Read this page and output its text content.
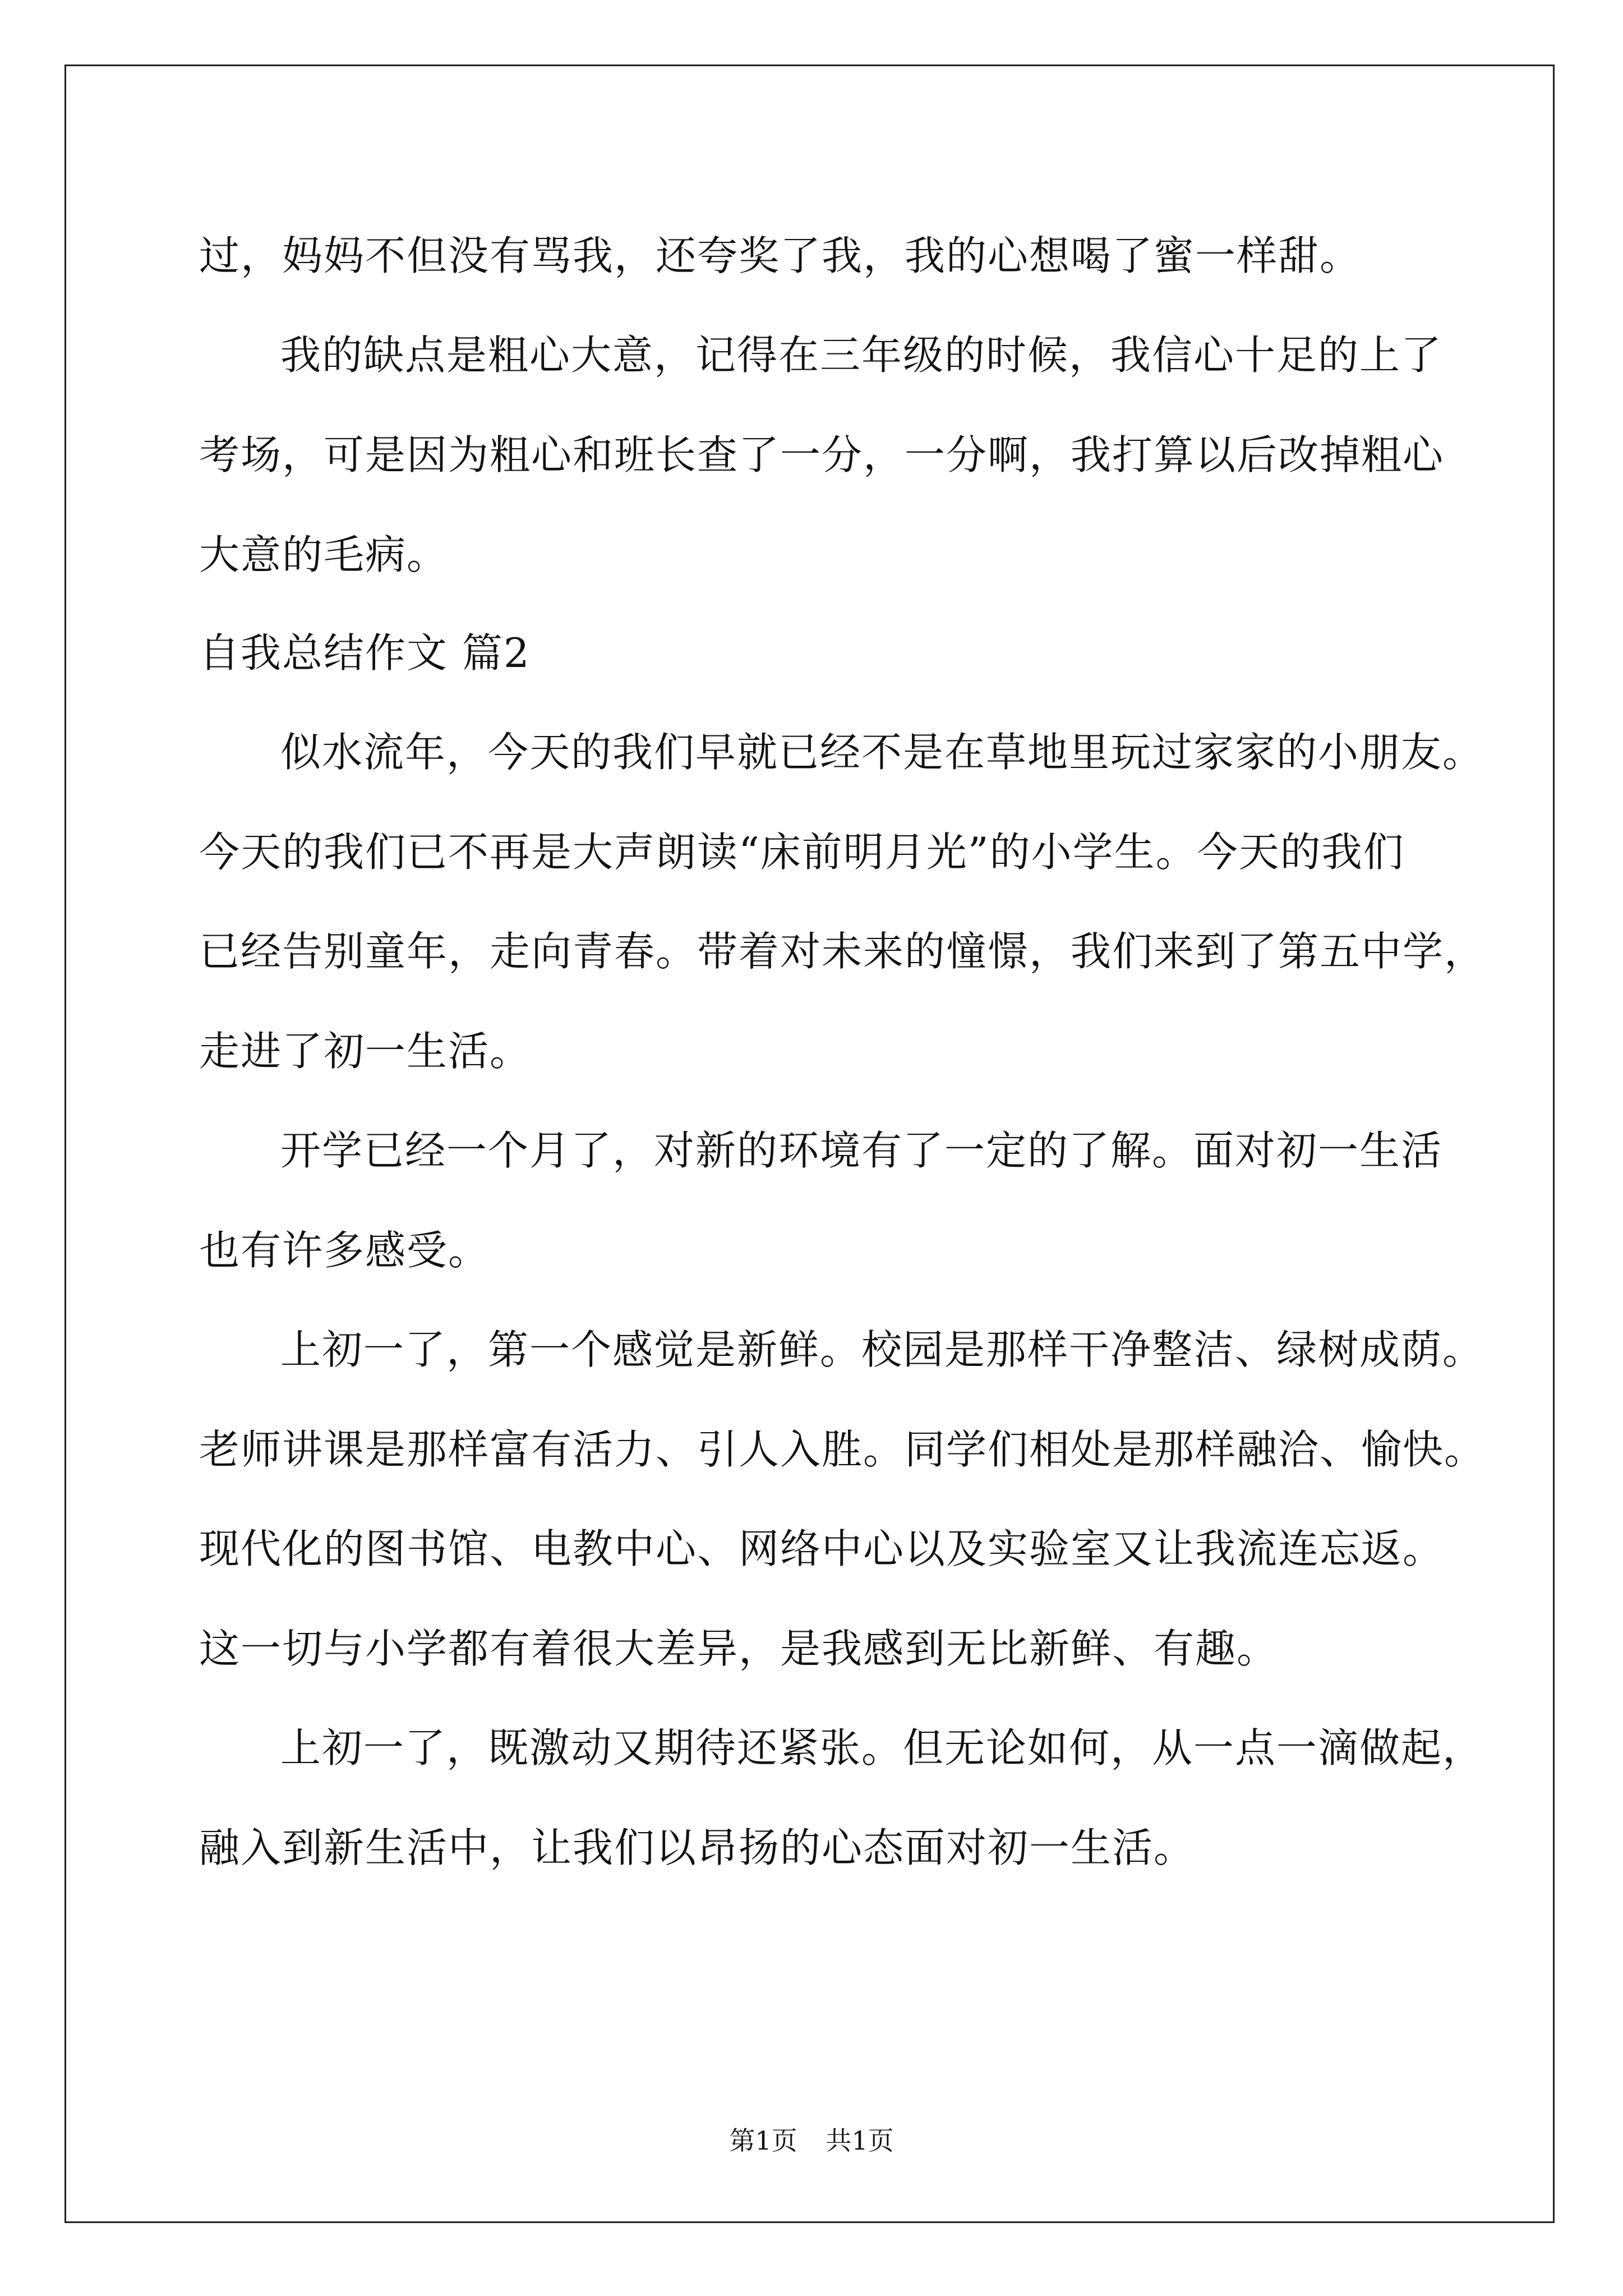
过，妈妈不但没有骂我，还夸奖了我，我的心想喝了蜜一样甜。
我的缺点是粗心大意，记得在三年级的时候，我信心十足的上了
考场，可是因为粗心和班长查了一分，一分啊，我打算以后改掉粗心
大意的毛病。
自我总结作文 篇2
似水流年，今天的我们早就已经不是在草地里玩过家家的小朋友。
今天的我们已不再是大声朗读“床前明月光”的小学生。今天的我们
已经告别童年，走向青春。带着对未来的憧憬，我们来到了第五中学，
走进了初一生活。
开学已经一个月了，对新的环境有了一定的了解。面对初一生活
也有许多感受。
上初一了，第一个感觉是新鲜。校园是那样干净整洁、绿树成荫。
老师讲课是那样富有活力、引人入胜。同学们相处是那样融洽、愉快。
现代化的图书馆、电教中心、网络中心以及实验室又让我流连忘返。
这一切与小学都有着很大差异，是我感到无比新鲜、有趣。
上初一了，既激动又期待还紧张。但无论如何，从一点一滴做起，
融入到新生活中，让我们以昂扬的心态面对初一生活。
第1页 共1页
